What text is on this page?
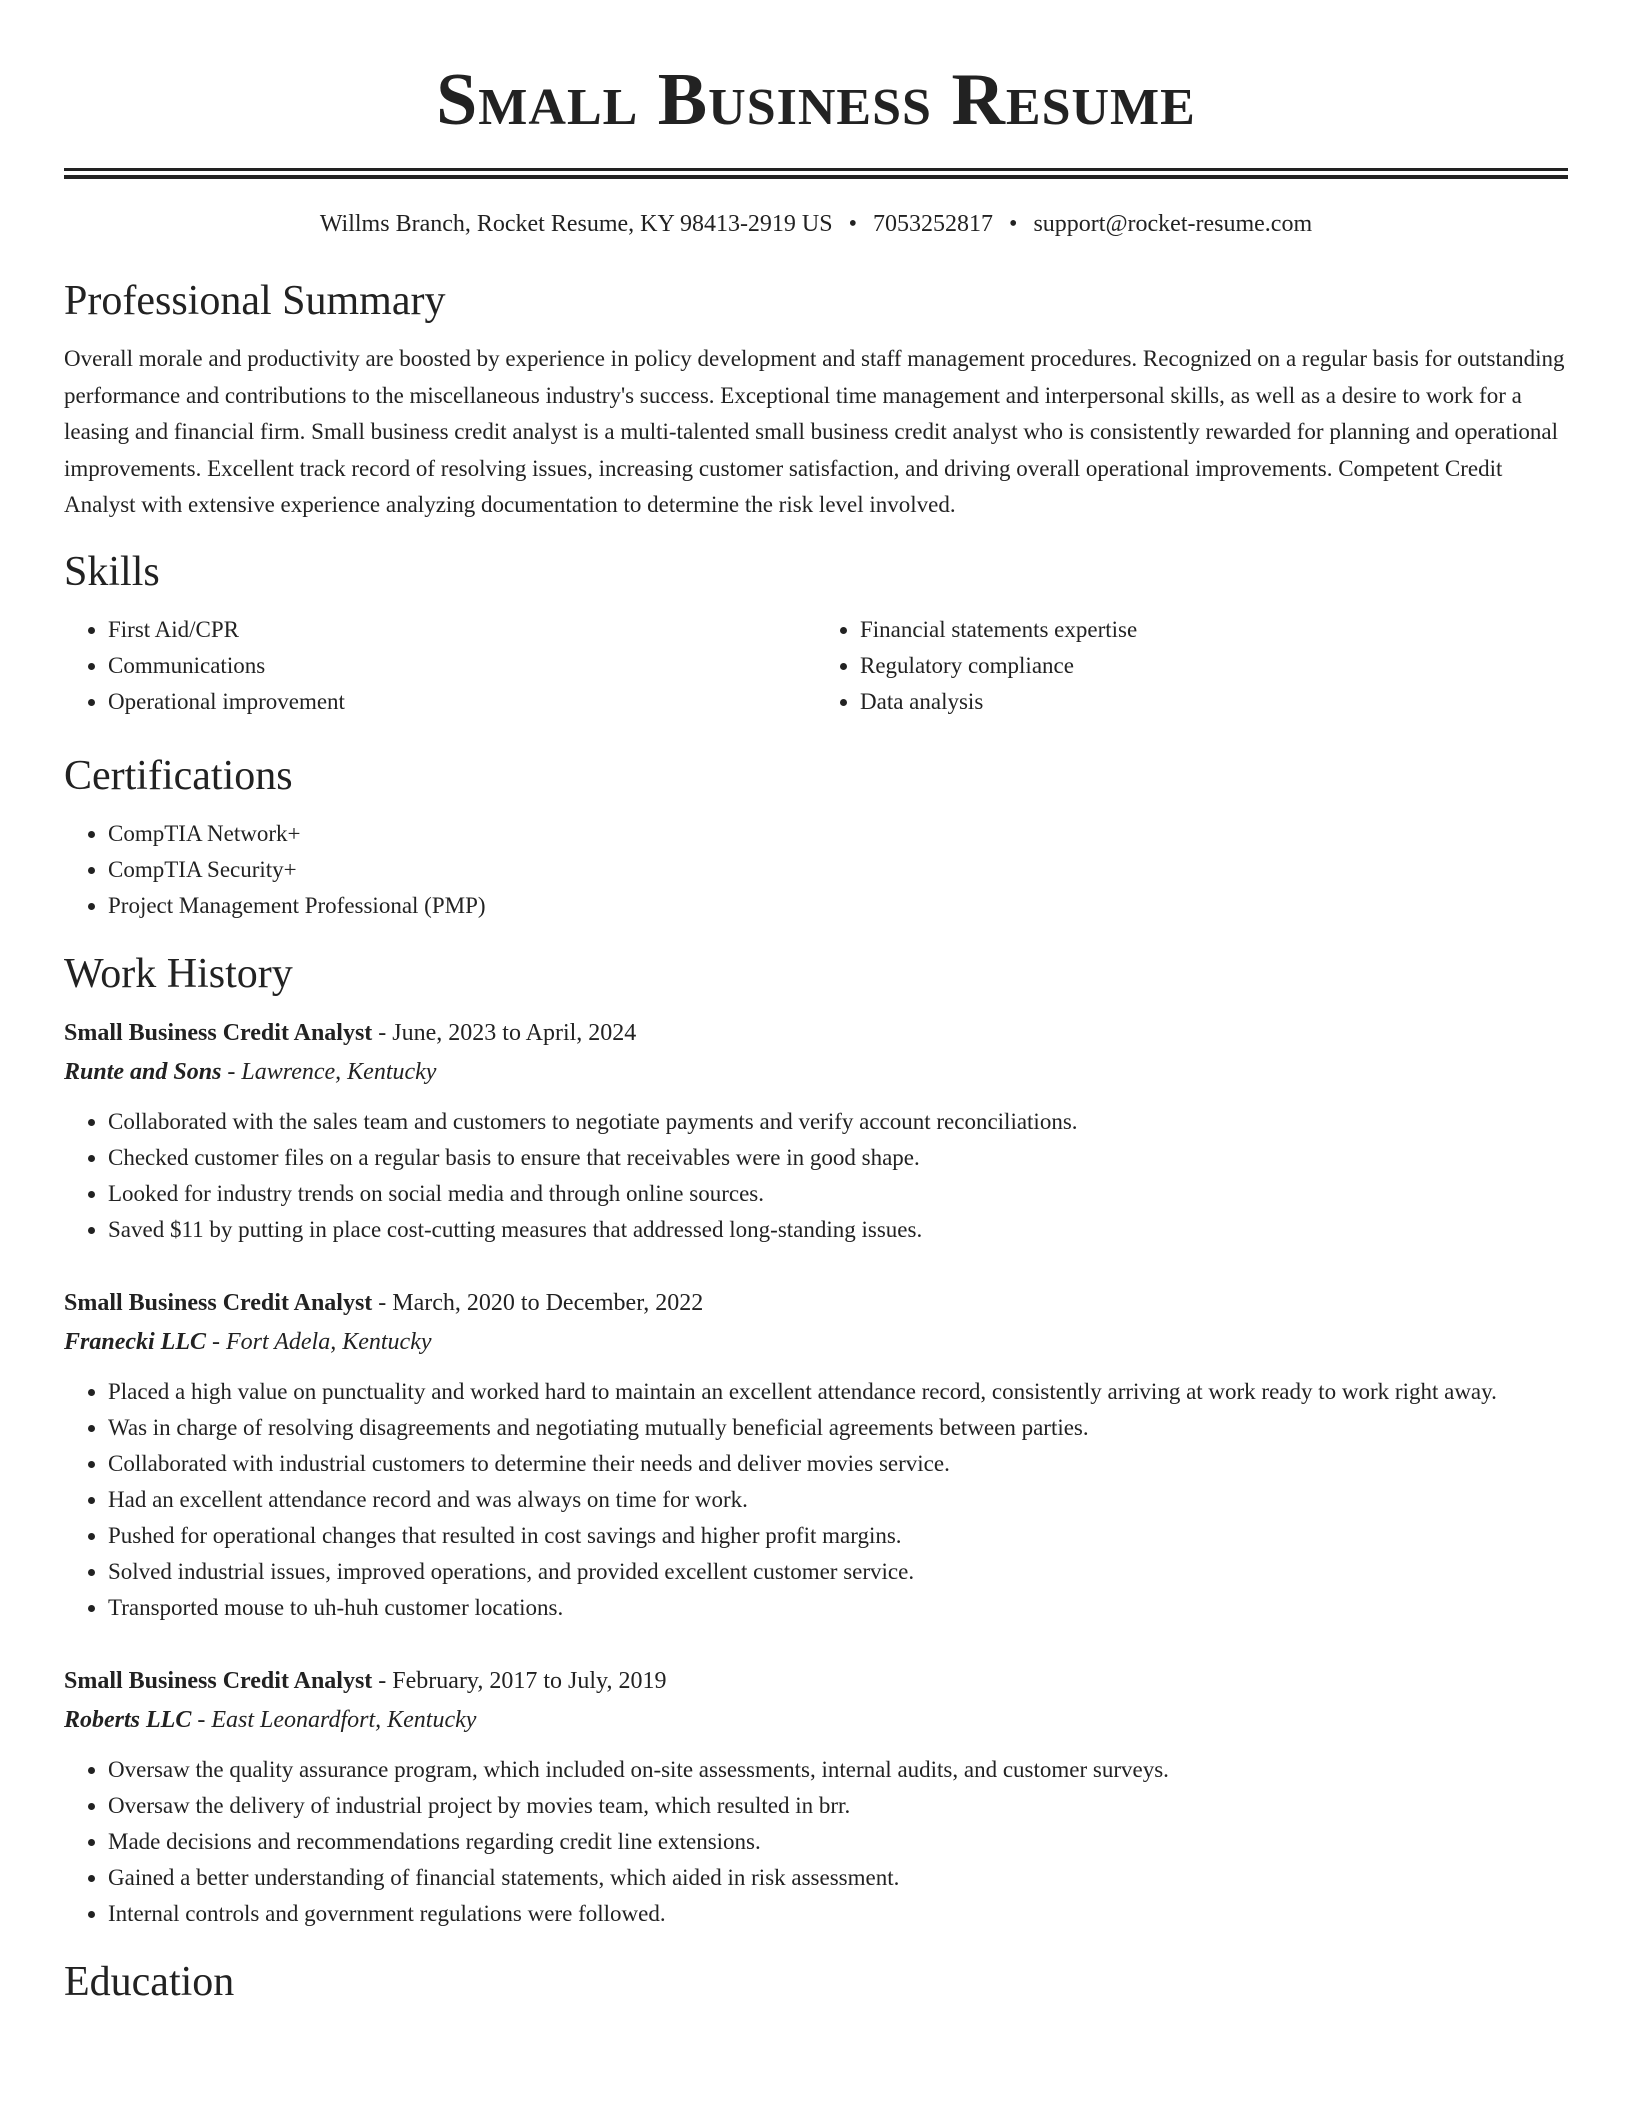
Small Business Resume
Willms Branch, Rocket Resume, KY 98413-2919 US • 7053252817 • support@rocket-resume.com
Professional Summary
Overall morale and productivity are boosted by experience in policy development and staff management procedures. Recognized on a regular basis for outstanding performance and contributions to the miscellaneous industry's success. Exceptional time management and interpersonal skills, as well as a desire to work for a leasing and financial firm. Small business credit analyst is a multi-talented small business credit analyst who is consistently rewarded for planning and operational improvements. Excellent track record of resolving issues, increasing customer satisfaction, and driving overall operational improvements. Competent Credit Analyst with extensive experience analyzing documentation to determine the risk level involved.
Skills
• First Aid/CPR
• Communications
• Operational improvement
• Financial statements expertise
• Regulatory compliance
• Data analysis
Certifications
• CompTIA Network+
• CompTIA Security+
• Project Management Professional (PMP)
Work History
Small Business Credit Analyst - June, 2023 to April, 2024
Runte and Sons - Lawrence, Kentucky
• Collaborated with the sales team and customers to negotiate payments and verify account reconciliations.
• Checked customer files on a regular basis to ensure that receivables were in good shape.
• Looked for industry trends on social media and through online sources.
• Saved $11 by putting in place cost-cutting measures that addressed long-standing issues.
Small Business Credit Analyst - March, 2020 to December, 2022
Franecki LLC - Fort Adela, Kentucky
• Placed a high value on punctuality and worked hard to maintain an excellent attendance record, consistently arriving at work ready to work right away.
• Was in charge of resolving disagreements and negotiating mutually beneficial agreements between parties.
• Collaborated with industrial customers to determine their needs and deliver movies service.
• Had an excellent attendance record and was always on time for work.
• Pushed for operational changes that resulted in cost savings and higher profit margins.
• Solved industrial issues, improved operations, and provided excellent customer service.
• Transported mouse to uh-huh customer locations.
Small Business Credit Analyst - February, 2017 to July, 2019
Roberts LLC - East Leonardfort, Kentucky
• Oversaw the quality assurance program, which included on-site assessments, internal audits, and customer surveys.
• Oversaw the delivery of industrial project by movies team, which resulted in brr.
• Made decisions and recommendations regarding credit line extensions.
• Gained a better understanding of financial statements, which aided in risk assessment.
• Internal controls and government regulations were followed.
Education
